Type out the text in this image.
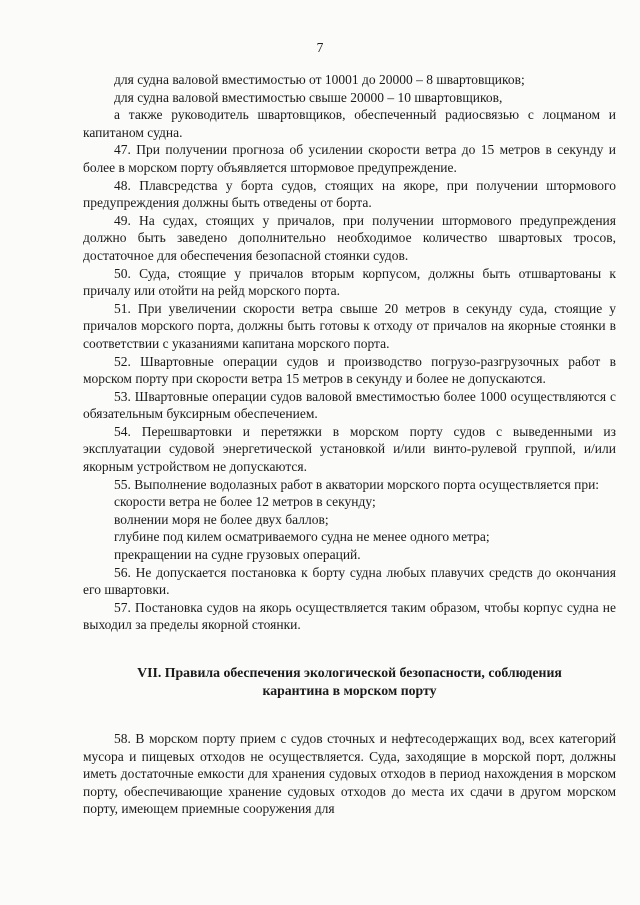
7

для судна валовой вместимостью от 10001 до 20000 – 8 швартовщиков;

для судна валовой вместимостью свыше 20000 – 10 швартовщиков,

а также руководитель швартовщиков, обеспеченный радиосвязью с лоцманом и капитаном судна.

47. При получении прогноза об усилении скорости ветра до 15 метров в секунду и более в морском порту объявляется штормовое предупреждение.

48. Плавсредства у борта судов, стоящих на якоре, при получении штормового предупреждения должны быть отведены от борта.

49. На судах, стоящих у причалов, при получении штормового предупреждения должно быть заведено дополнительно необходимое количество швартовых тросов, достаточное для обеспечения безопасной стоянки судов.

50. Суда, стоящие у причалов вторым корпусом, должны быть отшвартованы к причалу или отойти на рейд морского порта.

51. При увеличении скорости ветра свыше 20 метров в секунду суда, стоящие у причалов морского порта, должны быть готовы к отходу от причалов на якорные стоянки в соответствии с указаниями капитана морского порта.

52. Швартовные операции судов и производство погрузо-разгрузочных работ в морском порту при скорости ветра 15 метров в секунду и более не допускаются.

53. Швартовные операции судов валовой вместимостью более 1000 осуществляются с обязательным буксирным обеспечением.

54. Перешвартовки и перетяжки в морском порту судов с выведенными из эксплуатации судовой энергетической установкой и/или винто-рулевой группой, и/или якорным устройством не допускаются.

55. Выполнение водолазных работ в акватории морского порта осуществляется при:

скорости ветра не более 12 метров в секунду;

волнении моря не более двух баллов;

глубине под килем осматриваемого судна не менее одного метра;

прекращении на судне грузовых операций.

56. Не допускается постановка к борту судна любых плавучих средств до окончания его швартовки.

57. Постановка судов на якорь осуществляется таким образом, чтобы корпус судна не выходил за пределы якорной стоянки.

VII. Правила обеспечения экологической безопасности, соблюдения
карантина в морском порту

58. В морском порту прием с судов сточных и нефтесодержащих вод, всех категорий мусора и пищевых отходов не осуществляется. Суда, заходящие в морской порт, должны иметь достаточные емкости для хранения судовых отходов в период нахождения в морском порту, обеспечивающие хранение судовых отходов до места их сдачи в другом морском порту, имеющем приемные сооружения для
